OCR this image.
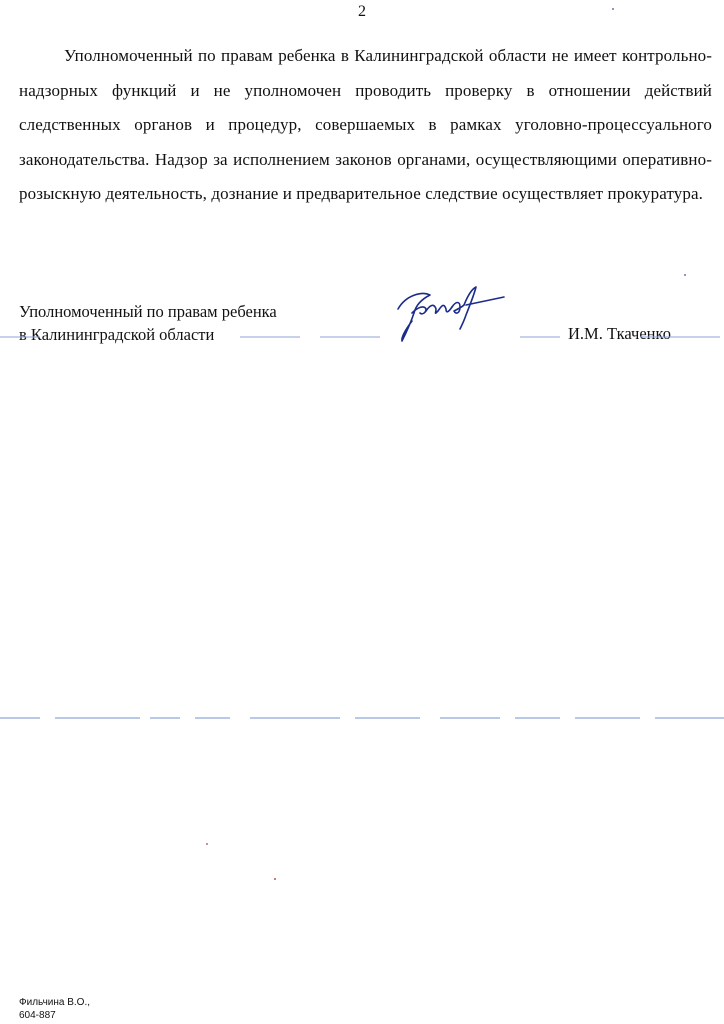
2

Уполномоченный по правам ребенка в Калининградской области не имеет контрольно-надзорных функций и не уполномочен проводить проверку в отношении действий следственных органов и процедур, совершаемых в рамках уголовно-процессуального законодательства. Надзор за исполнением законов органами, осуществляющими оперативно-розыскную деятельность, дознание и предварительное следствие осуществляет прокуратура.

Уполномоченный по правам ребенка
в Калининградской области	И.М. Ткаченко
Фильчина В.О.,
604-887
